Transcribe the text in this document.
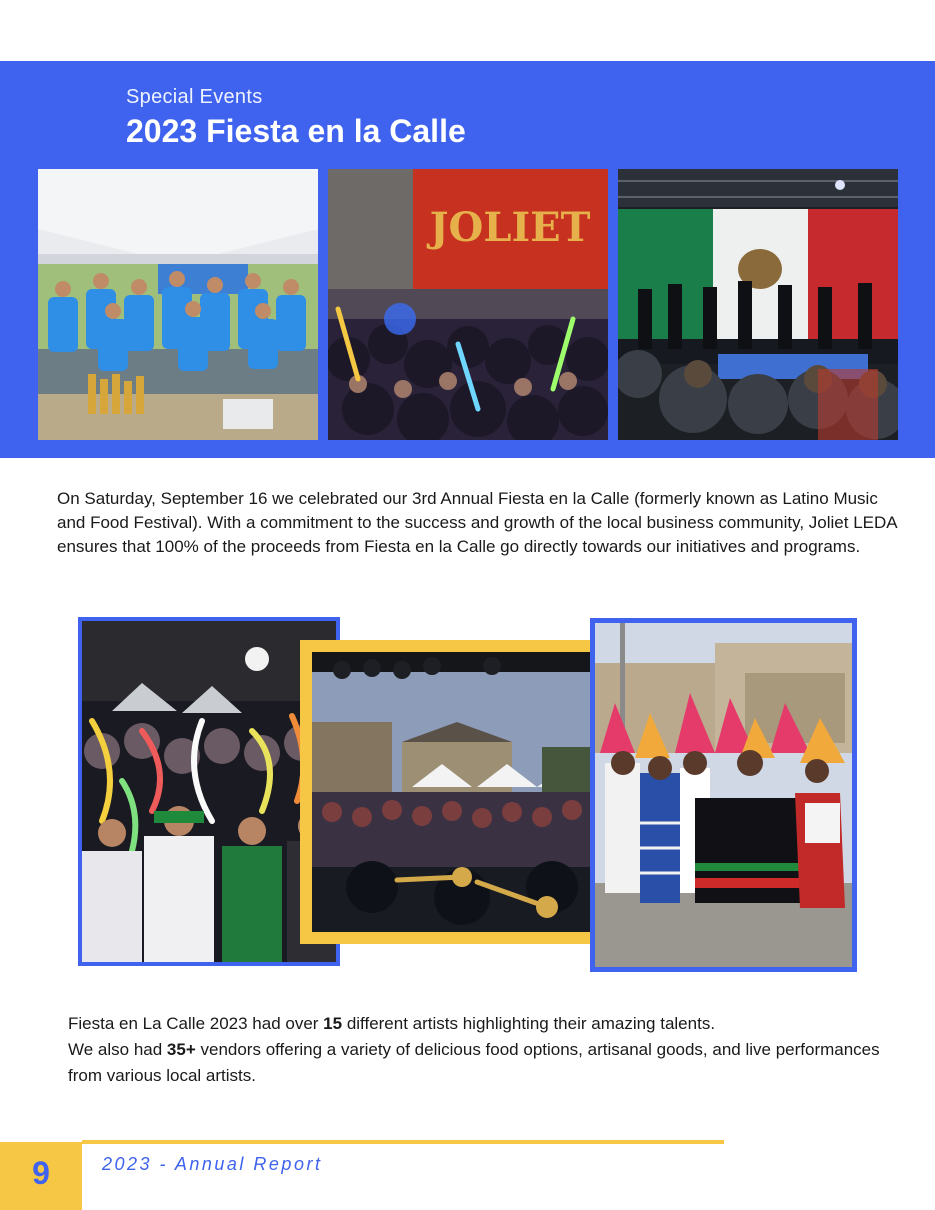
Special Events
2023 Fiesta en la Calle
JOLIET

On Saturday, September 16 we celebrated our 3rd Annual Fiesta en la Calle (formerly known as Latino Music and Food Festival). With a commitment to the success and growth of the local business community, Joliet LEDA ensures that 100% of the proceeds from Fiesta en la Calle go directly towards our initiatives and programs.

Fiesta en La Calle 2023 had over 15 different artists highlighting their amazing talents.
We also had 35+ vendors offering a variety of delicious food options, artisanal goods, and live performances from various local artists.

9	2023 - Annual Report
